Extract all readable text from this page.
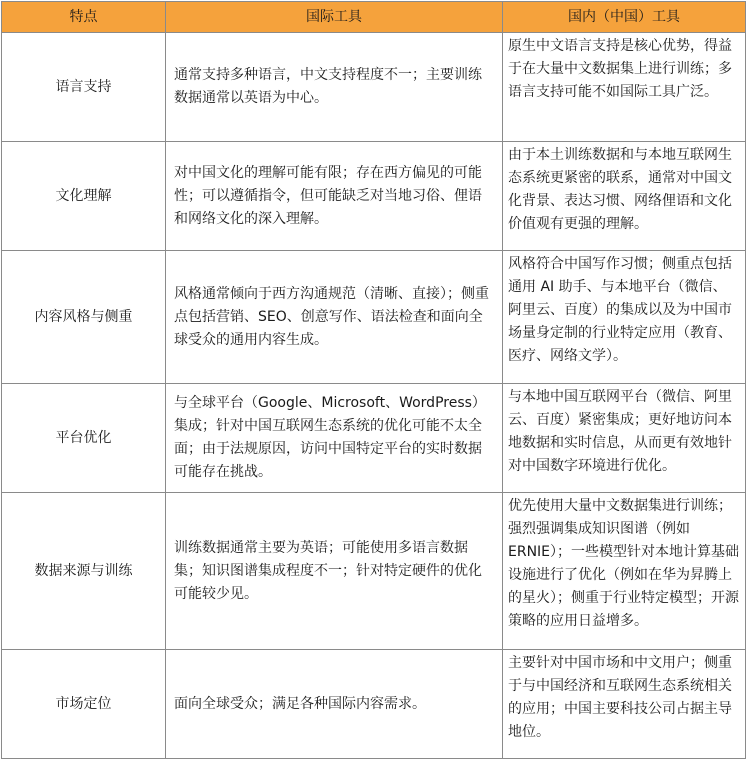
特点	国际工具	国内（中国）工具
语言支持	通常支持多种语言，中文支持程度不一；主要训练数据通常以英语为中心。	原生中文语言支持是核心优势，得益于在大量中文数据集上进行训练；多语言支持可能不如国际工具广泛。
文化理解	对中国文化的理解可能有限；存在西方偏见的可能性；可以遵循指令，但可能缺乏对当地习俗、俚语和网络文化的深入理解。	由于本土训练数据和与本地互联网生态系统更紧密的联系，通常对中国文化背景、表达习惯、网络俚语和文化价值观有更强的理解。
内容风格与侧重	风格通常倾向于西方沟通规范（清晰、直接）；侧重点包括营销、SEO、创意写作、语法检查和面向全球受众的通用内容生成。	风格符合中国写作习惯；侧重点包括通用 AI 助手、与本地平台（微信、阿里云、百度）的集成以及为中国市场量身定制的行业特定应用（教育、医疗、网络文学）。
平台优化	与全球平台（Google、Microsoft、WordPress）集成；针对中国互联网生态系统的优化可能不太全面；由于法规原因，访问中国特定平台的实时数据可能存在挑战。	与本地中国互联网平台（微信、阿里云、百度）紧密集成；更好地访问本地数据和实时信息，从而更有效地针对中国数字环境进行优化。
数据来源与训练	训练数据通常主要为英语；可能使用多语言数据集；知识图谱集成程度不一；针对特定硬件的优化可能较少见。	优先使用大量中文数据集进行训练；强烈强调集成知识图谱（例如ERNIE）；一些模型针对本地计算基础设施进行了优化（例如在华为昇腾上的星火）；侧重于行业特定模型；开源策略的应用日益增多。
市场定位	面向全球受众；满足各种国际内容需求。	主要针对中国市场和中文用户；侧重于与中国经济和互联网生态系统相关的应用；中国主要科技公司占据主导地位。
